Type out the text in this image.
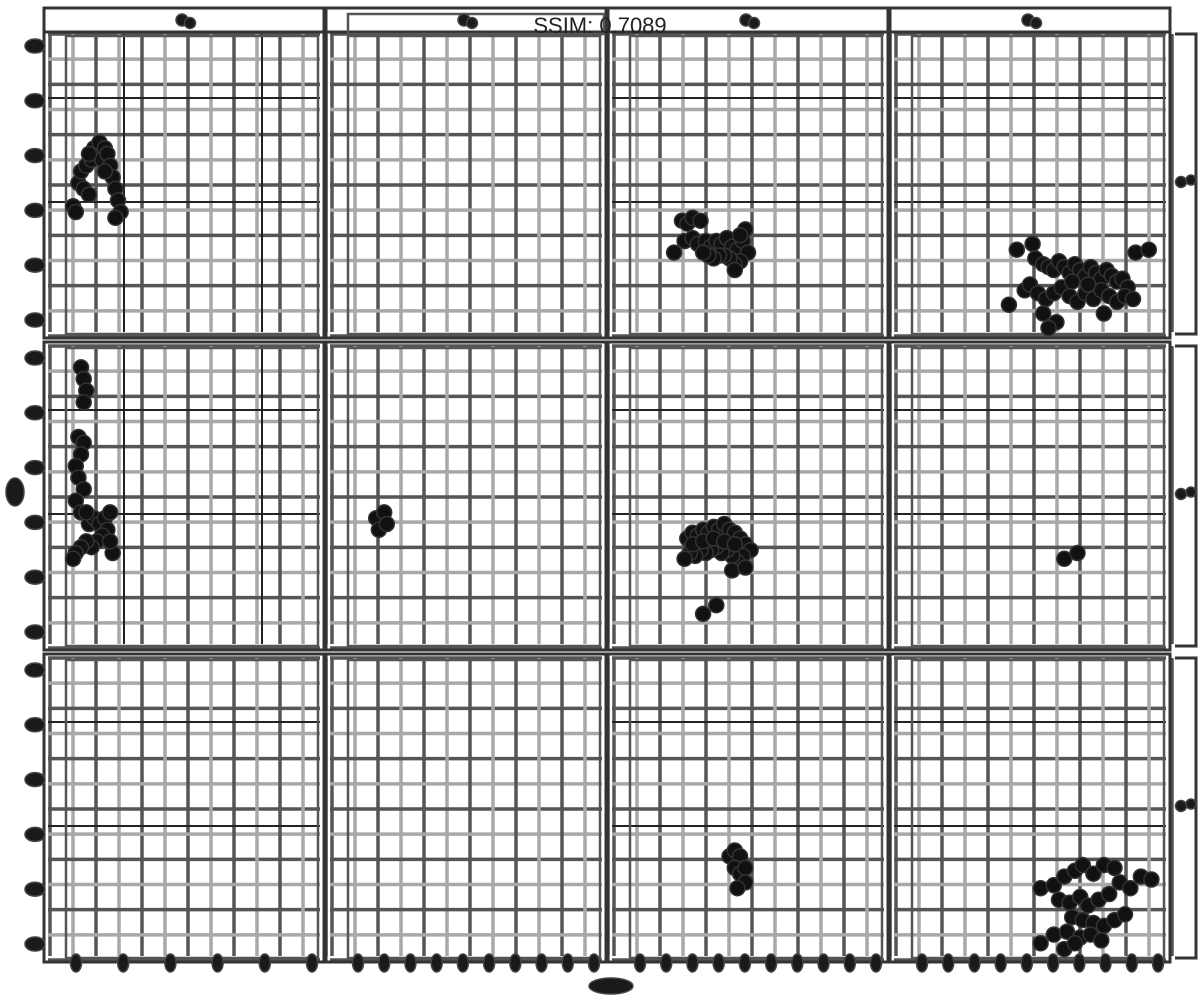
SSIM: 0.7089
